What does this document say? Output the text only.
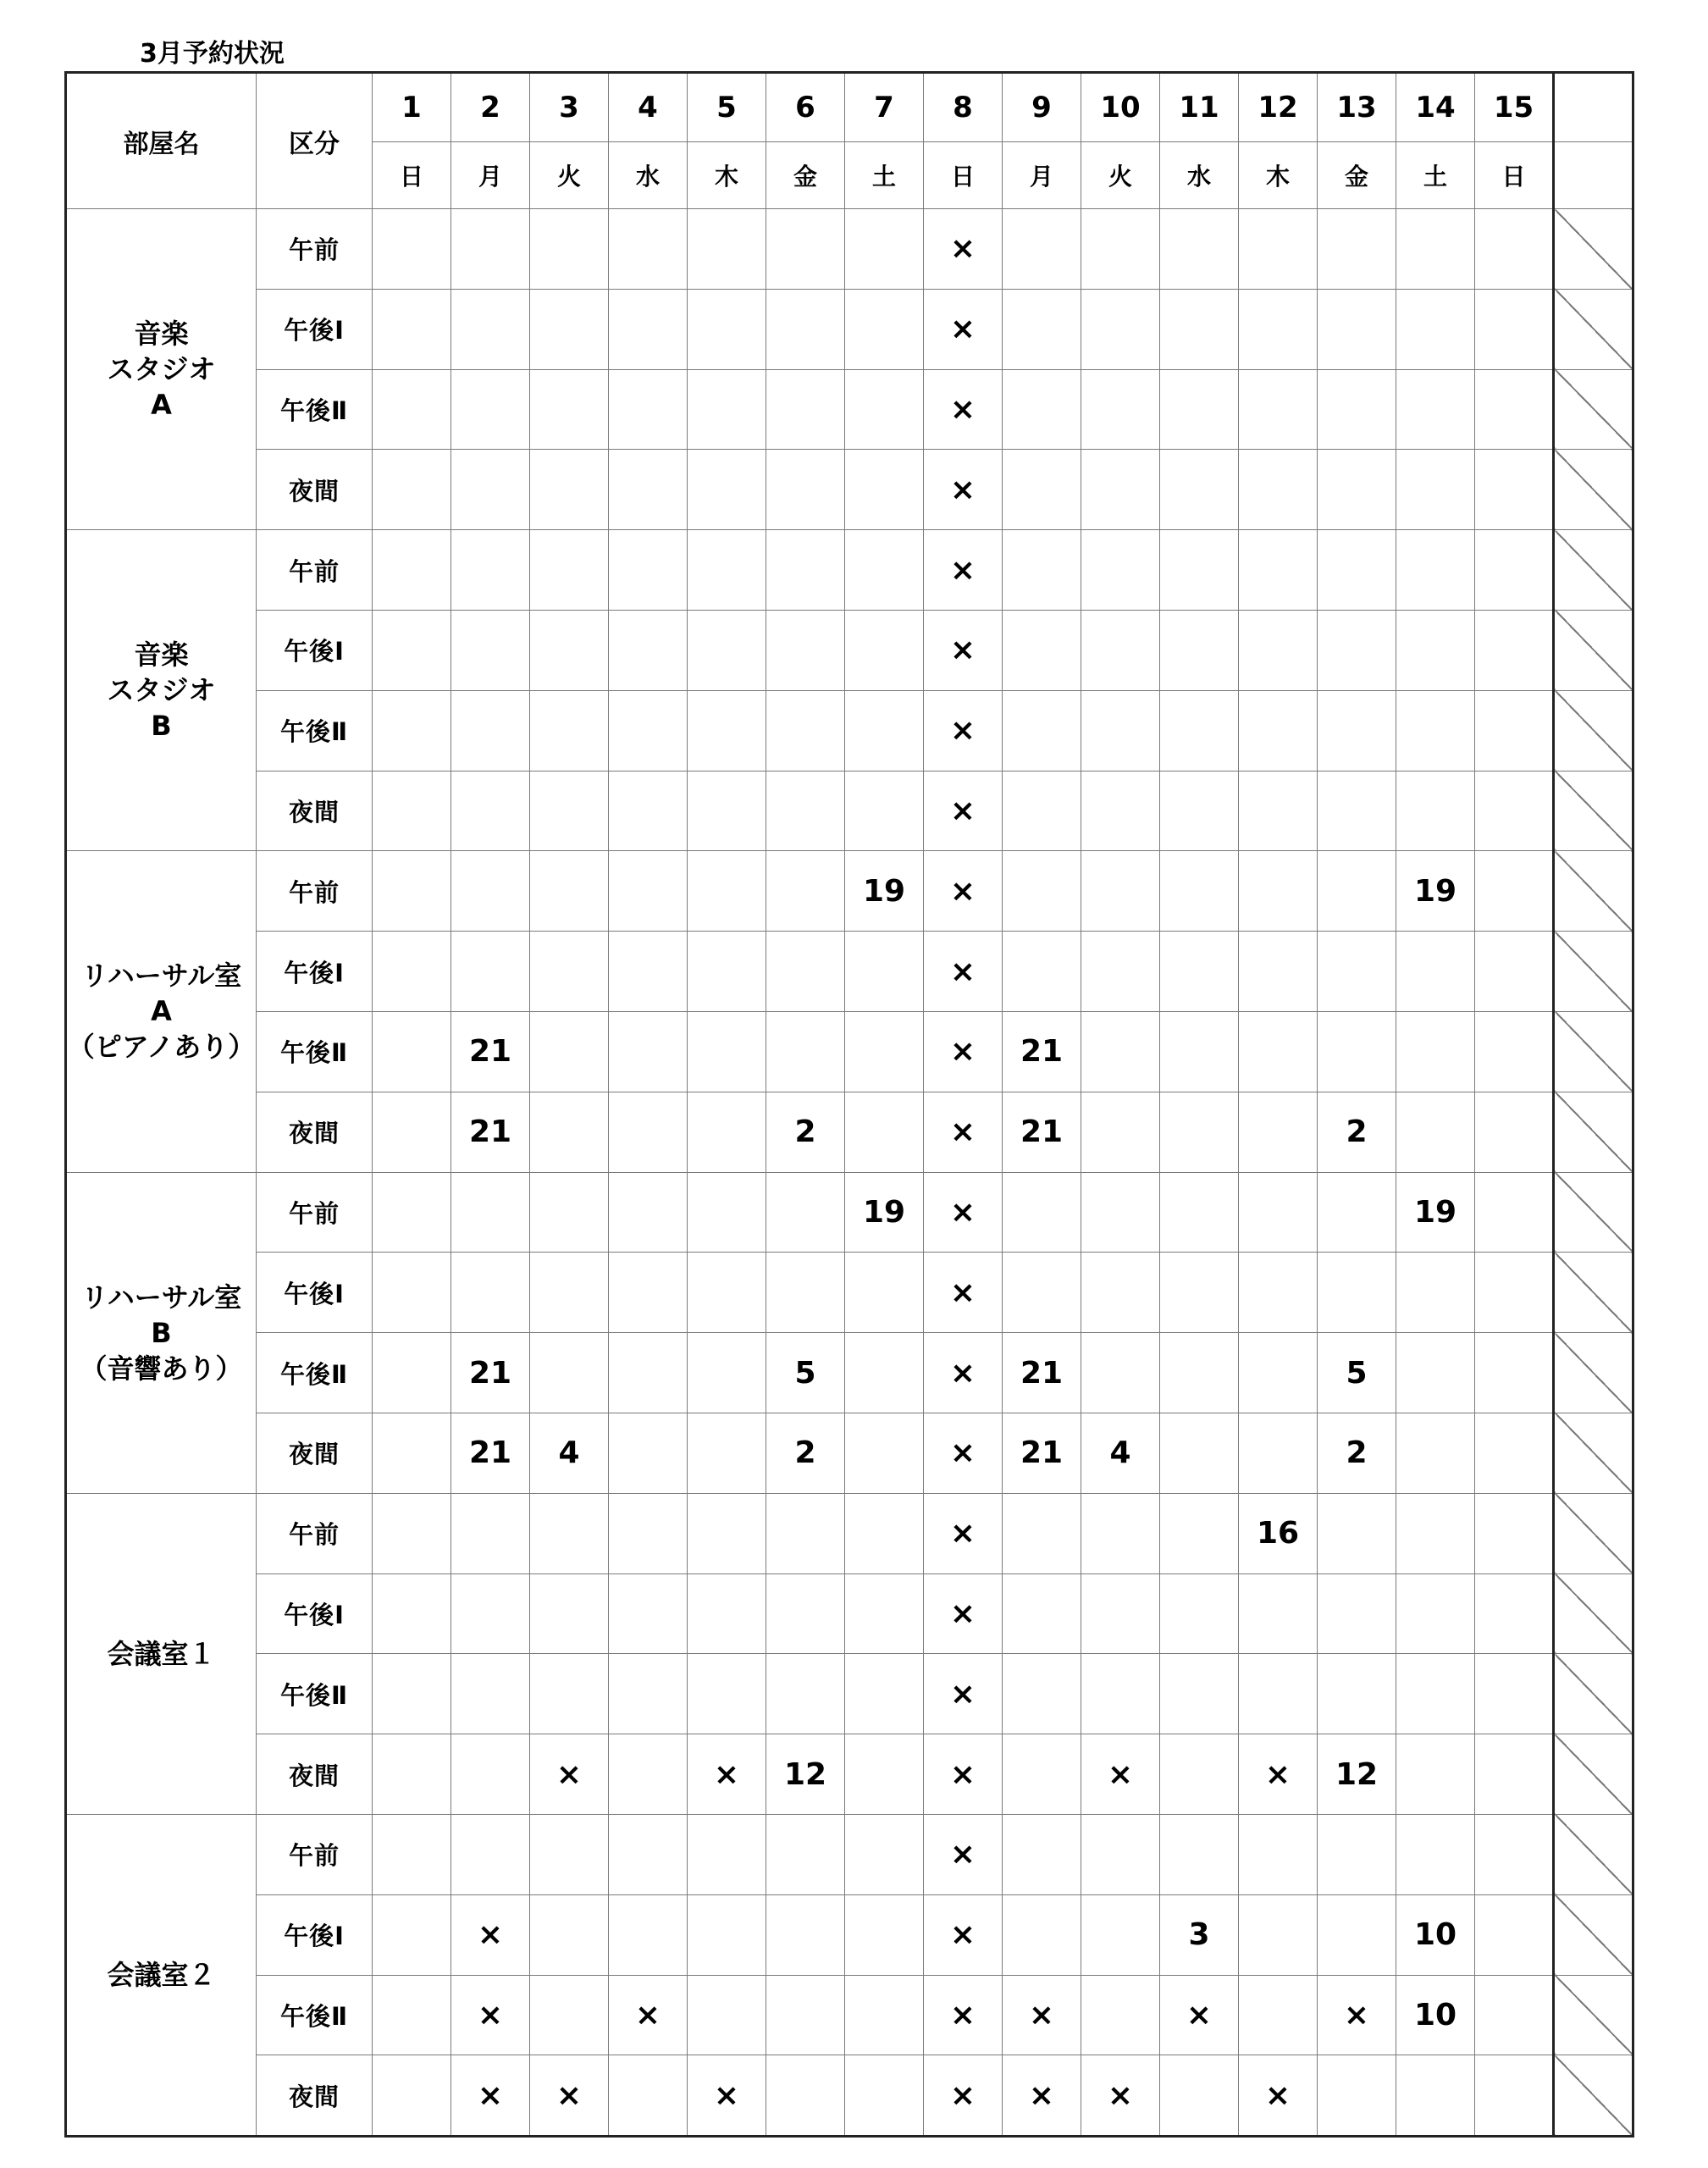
3月予約状況
部屋名	区分	1	2	3	4	5	6	7	8	9	10	11	12	13	14	15	
		日	月	火	水	木	金	土	日	月	火	水	木	金	土	日	
音楽
スタジオ
A	午前								×								
	午後Ⅰ								×								
	午後Ⅱ								×								
	夜間								×								
音楽
スタジオ
B	午前								×								
	午後Ⅰ								×								
	午後Ⅱ								×								
	夜間								×								
リハーサル室
A
（ピアノあり）	午前							19	×						19		
	午後Ⅰ								×								
	午後Ⅱ		21						×	21							
	夜間		21				2		×	21				2			
リハーサル室
B
（音響あり）	午前							19	×						19		
	午後Ⅰ								×								
	午後Ⅱ		21				5		×	21				5			
	夜間		21	4			2		×	21	4			2			
会議室１	午前								×				16				
	午後Ⅰ								×								
	午後Ⅱ								×								
	夜間			×		×	12		×		×		×	12			
会議室２	午前								×								
	午後Ⅰ		×						×			3			10		
	午後Ⅱ		×		×				×	×		×		×	10		
	夜間		×	×		×			×	×	×		×				
